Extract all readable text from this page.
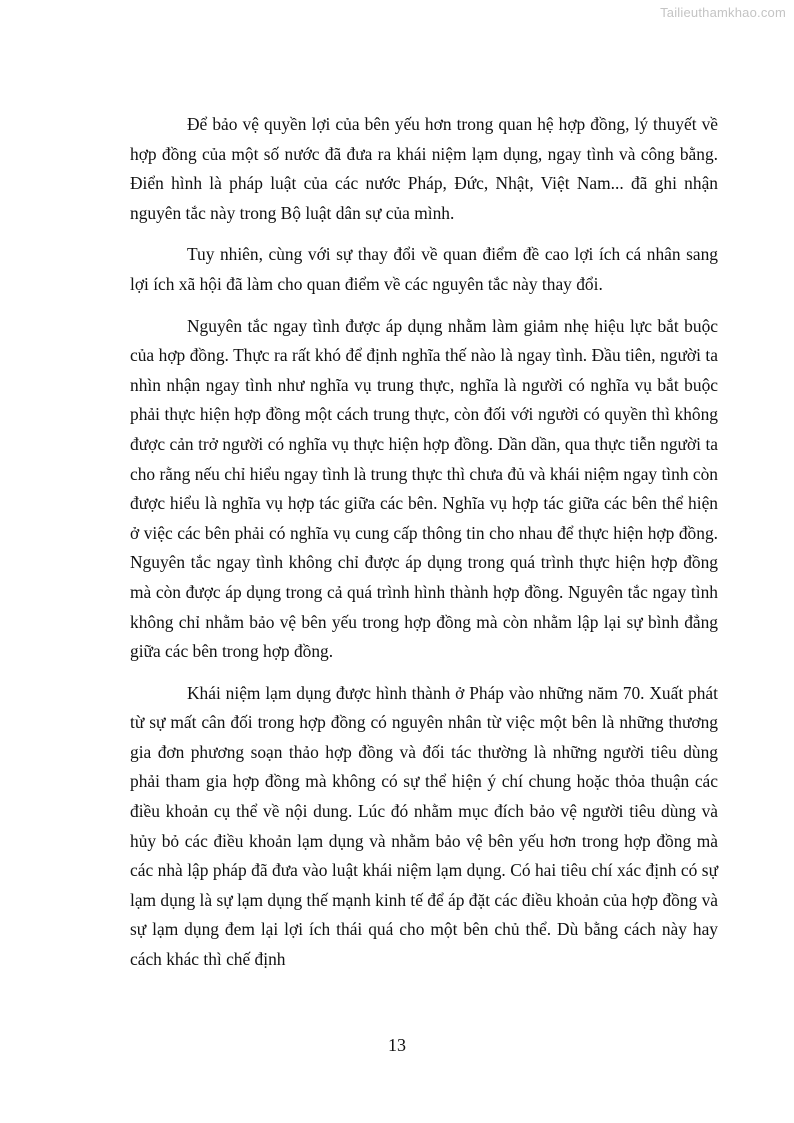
Tailieuthamkhao.com

Để bảo vệ quyền lợi của bên yếu hơn trong quan hệ hợp đồng, lý thuyết về hợp đồng của một số nước đã đưa ra khái niệm lạm dụng, ngay tình và công bằng. Điển hình là pháp luật của các nước Pháp, Đức, Nhật, Việt Nam... đã ghi nhận nguyên tắc này trong Bộ luật dân sự của mình.

Tuy nhiên, cùng với sự thay đổi về quan điểm đề cao lợi ích cá nhân sang lợi ích xã hội đã làm cho quan điểm về các nguyên tắc này thay đổi.

Nguyên tắc ngay tình được áp dụng nhằm làm giảm nhẹ hiệu lực bắt buộc của hợp đồng. Thực ra rất khó để định nghĩa thế nào là ngay tình. Đầu tiên, người ta nhìn nhận ngay tình như nghĩa vụ trung thực, nghĩa là người có nghĩa vụ bắt buộc phải thực hiện hợp đồng một cách trung thực, còn đối với người có quyền thì không được cản trở người có nghĩa vụ thực hiện hợp đồng. Dần dần, qua thực tiễn người ta cho rằng nếu chỉ hiểu ngay tình là trung thực thì chưa đủ và khái niệm ngay tình còn được hiểu là nghĩa vụ hợp tác giữa các bên. Nghĩa vụ hợp tác giữa các bên thể hiện ở việc các bên phải có nghĩa vụ cung cấp thông tin cho nhau để thực hiện hợp đồng. Nguyên tắc ngay tình không chỉ được áp dụng trong quá trình thực hiện hợp đồng mà còn được áp dụng trong cả quá trình hình thành hợp đồng. Nguyên tắc ngay tình không chỉ nhằm bảo vệ bên yếu trong hợp đồng mà còn nhằm lập lại sự bình đẳng giữa các bên trong hợp đồng.

Khái niệm lạm dụng được hình thành ở Pháp vào những năm 70. Xuất phát từ sự mất cân đối trong hợp đồng có nguyên nhân từ việc một bên là những thương gia đơn phương soạn thảo hợp đồng và đối tác thường là những người tiêu dùng phải tham gia hợp đồng mà không có sự thể hiện ý chí chung hoặc thỏa thuận các điều khoản cụ thể về nội dung. Lúc đó nhằm mục đích bảo vệ người tiêu dùng và hủy bỏ các điều khoản lạm dụng và nhằm bảo vệ bên yếu hơn trong hợp đồng mà các nhà lập pháp đã đưa vào luật khái niệm lạm dụng. Có hai tiêu chí xác định có sự lạm dụng là sự lạm dụng thế mạnh kinh tế để áp đặt các điều khoản của hợp đồng và sự lạm dụng đem lại lợi ích thái quá cho một bên chủ thể. Dù bằng cách này hay cách khác thì chế định

13
